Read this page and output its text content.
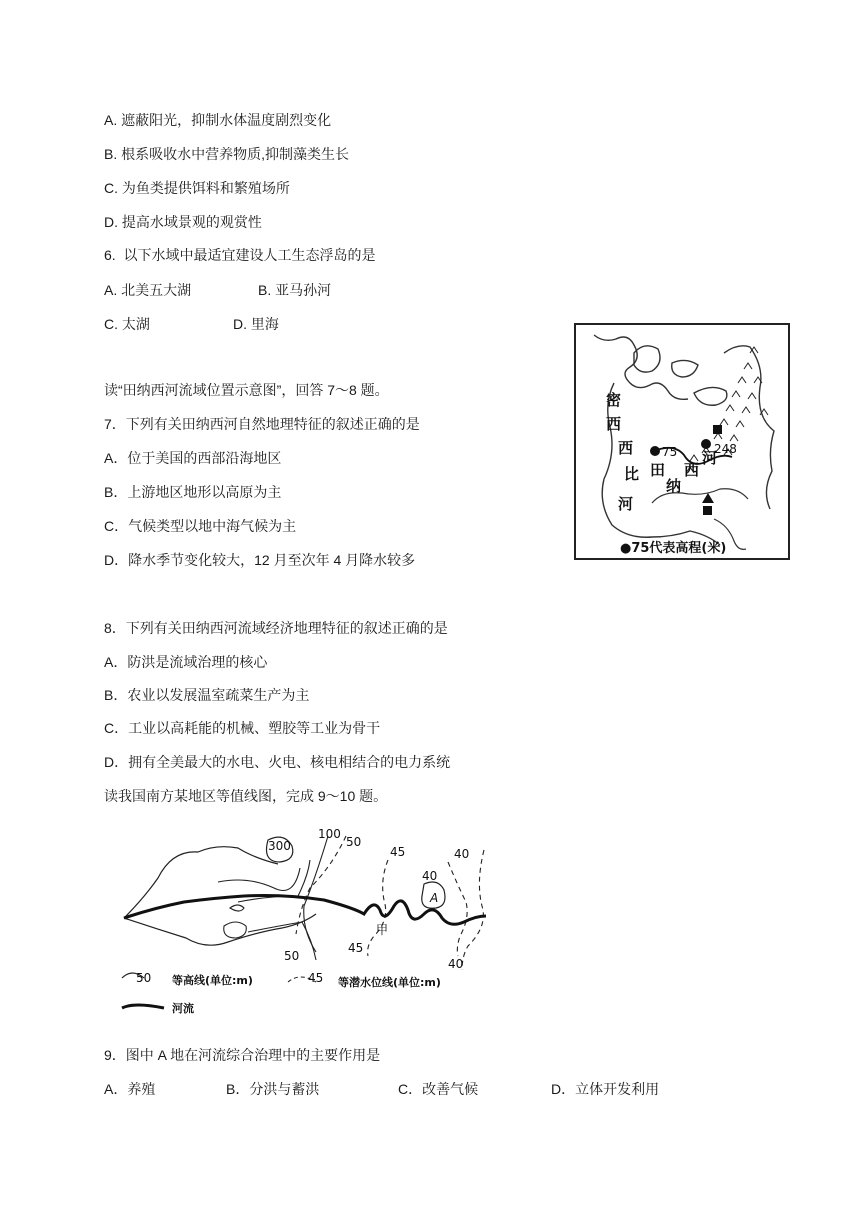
A. 遮蔽阳光，抑制水体温度剧烈变化
B. 根系吸收水中营养物质,抑制藻类生长
C. 为鱼类提供饵料和繁殖场所
D. 提高水域景观的观赏性
6.  以下水域中最适宜建设人工生态浮岛的是
A. 北美五大湖	B. 亚马孙河
C. 太湖	D. 里海
读“田纳西河流域位置示意图”，回答 7～8 题。
7．下列有关田纳西河自然地理特征的叙述正确的是
A．位于美国的西部沿海地区
B．上游地区地形以高原为主
C．气候类型以地中海气候为主
D．降水季节变化较大，12 月至次年 4 月降水较多
8．下列有关田纳西河流域经济地理特征的叙述正确的是
A．防洪是流域治理的核心
B．农业以发展温室疏菜生产为主
C．工业以高耗能的机械、塑胶等工业为骨干
D．拥有全美最大的水电、火电、核电相结合的电力系统
读我国南方某地区等值线图，完成 9～10 题。
9．图中 A 地在河流综合治理中的主要作用是
A．养殖	B．分洪与蓄洪	C．改善气候	D．立体开发利用
密
西
西
比
河
田
纳
西
河
75	248
●75代表高程(米)
300
100
50
50
45
45
40
40
40
A
甲
50 等高线(单位:m)	45 等潜水位线(单位:m)
河流
